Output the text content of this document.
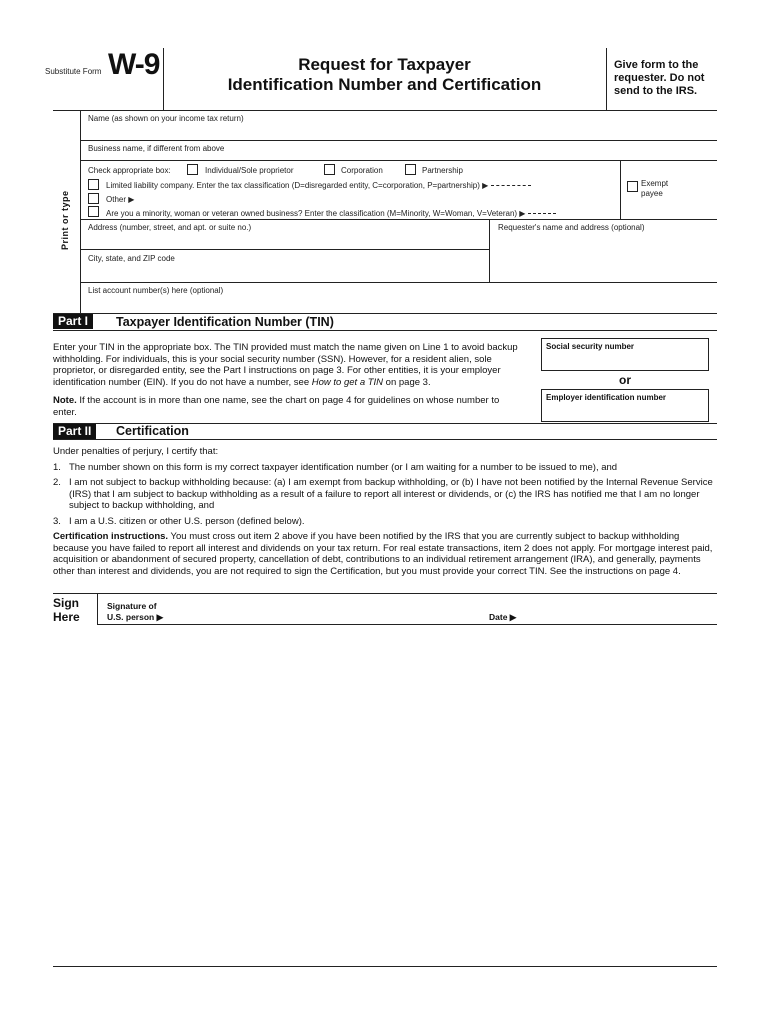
Substitute Form W-9	Request for Taxpayer
Identification Number and Certification
Give form to the requester. Do not send to the IRS.
Print or type
Name (as shown on your income tax return)
Business name, if different from above
Check appropriate box:	Individual/Sole proprietor	Corporation	Partnership
Limited liability company. Enter the tax classification (D=disregarded entity, C=corporation, P=partnership) ▶
Other ▶
Are you a minority, woman or veteran owned business? Enter the classification (M=Minority, W=Woman, V=Veteran) ▶
Exempt payee
Address (number, street, and apt. or suite no.)	Requester's name and address (optional)
City, state, and ZIP code
List account number(s) here (optional)
Part I	Taxpayer Identification Number (TIN)
Enter your TIN in the appropriate box. The TIN provided must match the name given on Line 1 to avoid backup withholding. For individuals, this is your social security number (SSN). However, for a resident alien, sole proprietor, or disregarded entity, see the Part I instructions on page 3. For other entities, it is your employer identification number (EIN). If you do not have a number, see How to get a TIN on page 3.
Note. If the account is in more than one name, see the chart on page 4 for guidelines on whose number to enter.
Social security number
or
Employer identification number
Part II	Certification
Under penalties of perjury, I certify that:
1. The number shown on this form is my correct taxpayer identification number (or I am waiting for a number to be issued to me), and
2. I am not subject to backup withholding because: (a) I am exempt from backup withholding, or (b) I have not been notified by the Internal Revenue Service (IRS) that I am subject to backup withholding as a result of a failure to report all interest or dividends, or (c) the IRS has notified me that I am no longer subject to backup withholding, and
3. I am a U.S. citizen or other U.S. person (defined below).
Certification instructions. You must cross out item 2 above if you have been notified by the IRS that you are currently subject to backup withholding because you have failed to report all interest and dividends on your tax return. For real estate transactions, item 2 does not apply. For mortgage interest paid, acquisition or abandonment of secured property, cancellation of debt, contributions to an individual retirement arrangement (IRA), and generally, payments other than interest and dividends, you are not required to sign the Certification, but you must provide your correct TIN. See the instructions on page 4.
Sign
Here
Signature of
U.S. person ▶	Date ▶
